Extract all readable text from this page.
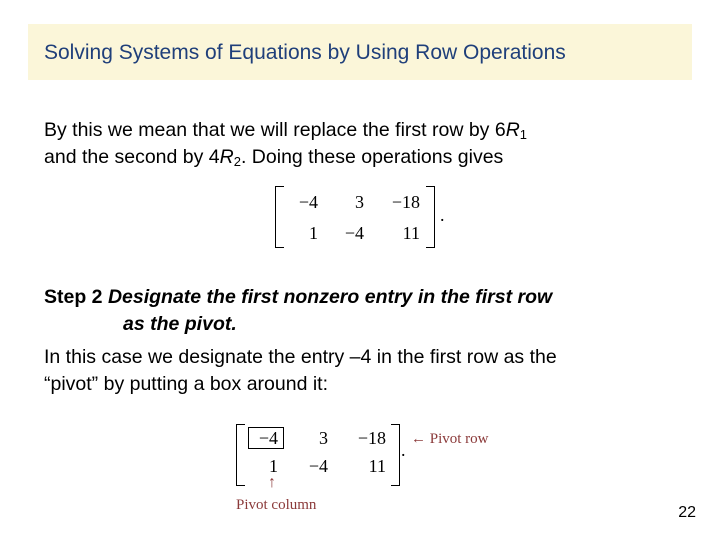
Solving Systems of Equations by Using Row Operations
By this we mean that we will replace the first row by $6R_1$
and the second by $4R_2$. Doing these operations gives
−4	3	−18
1	−4	11
.
Step 2 Designate the first nonzero entry in the first row
as the pivot.
In this case we designate the entry –4 in the first row as the
“pivot” by putting a box around it:
−4	3	−18
1	−4	11
.
← Pivot row
↑
Pivot column	22
